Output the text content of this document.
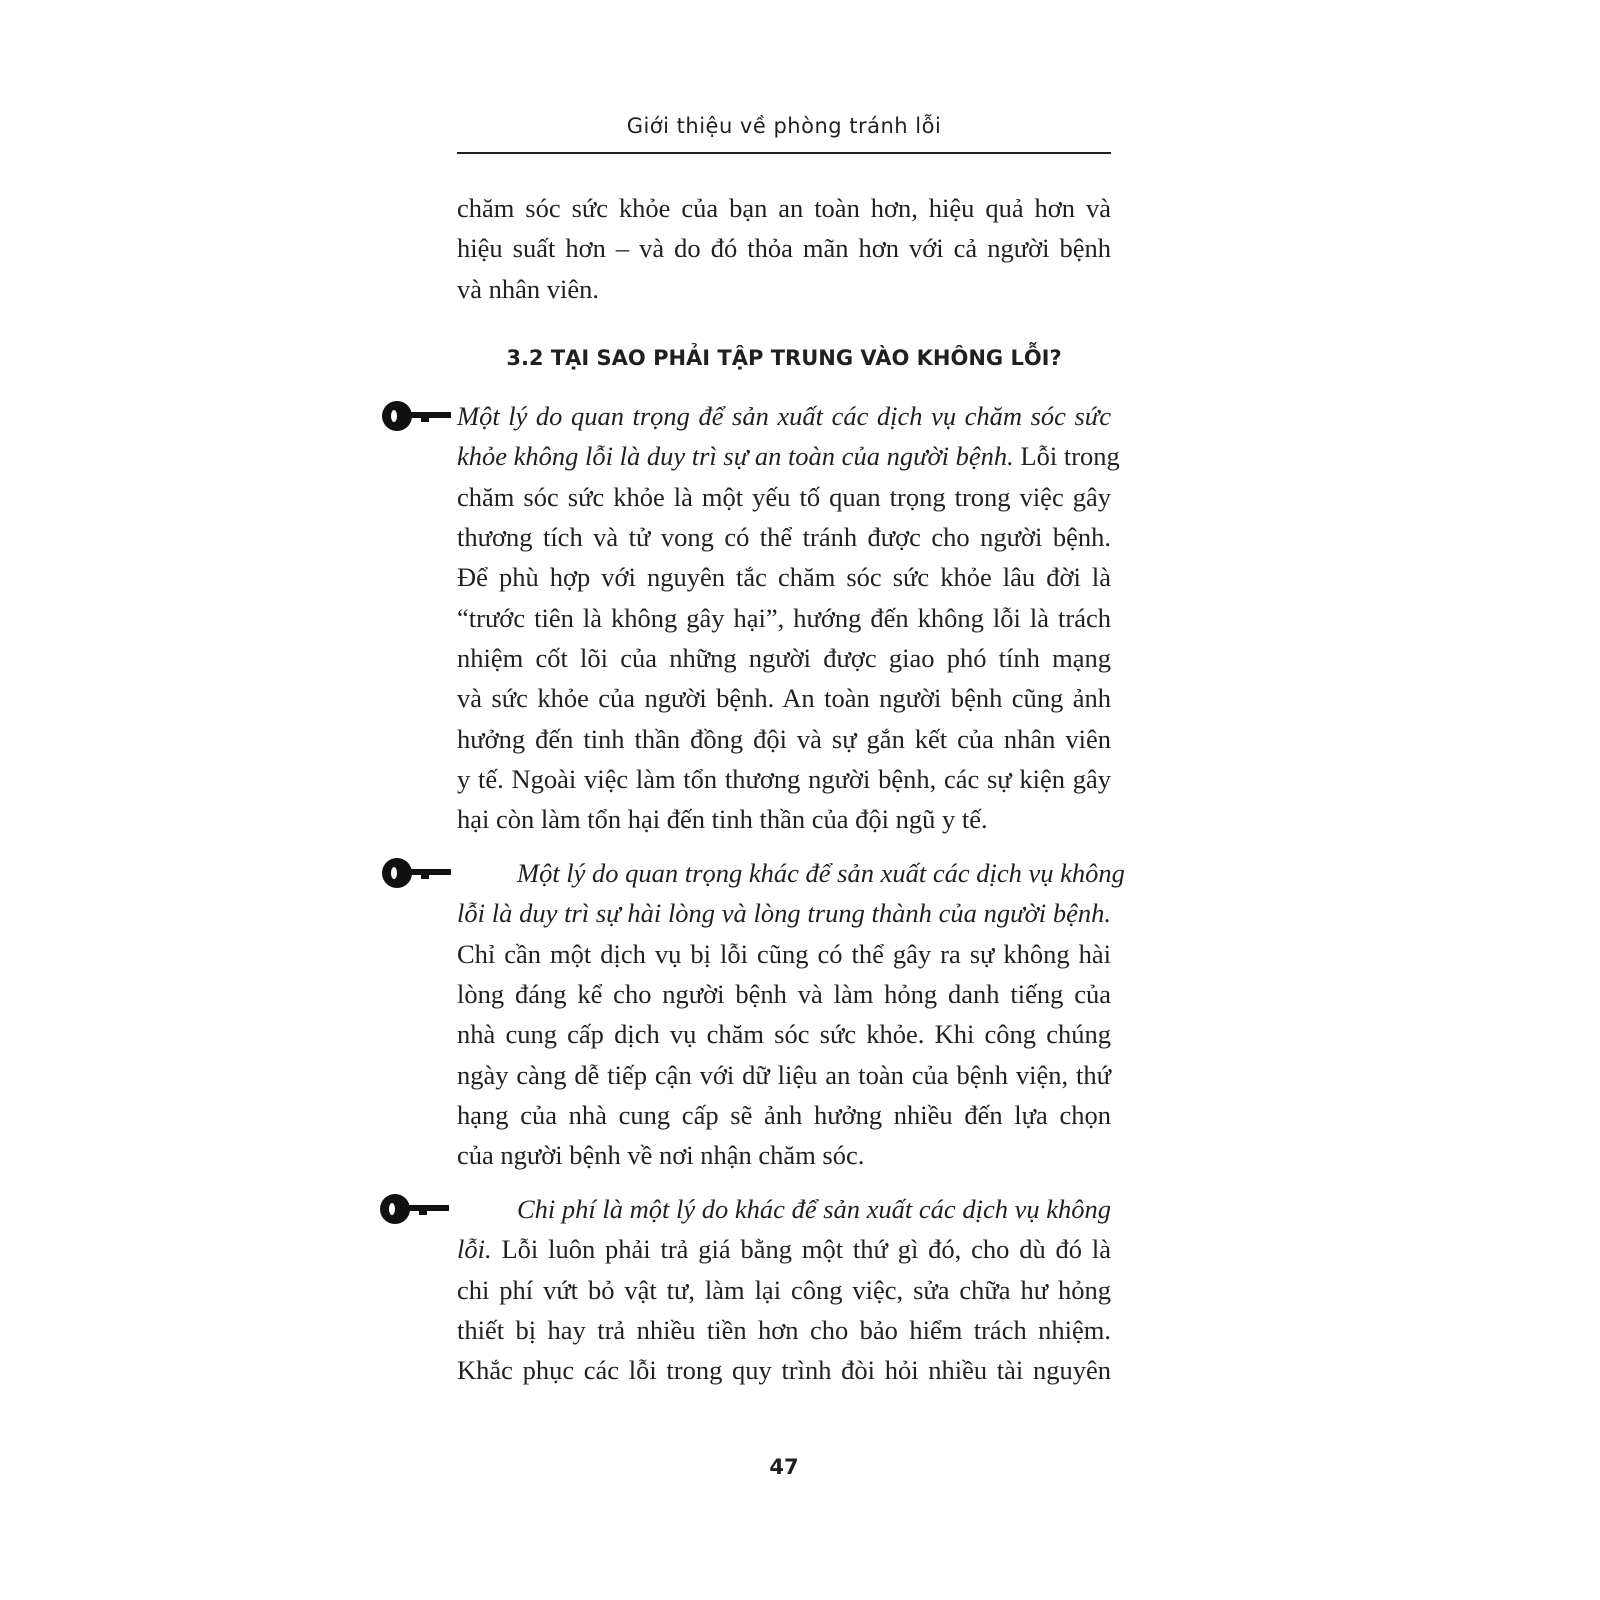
Giới thiệu về phòng tránh lỗi
chăm sóc sức khỏe của bạn an toàn hơn, hiệu quả hơn và
hiệu suất hơn – và do đó thỏa mãn hơn với cả người bệnh
và nhân viên.
3.2 TẠI SAO PHẢI TẬP TRUNG VÀO KHÔNG LỖI?
Một lý do quan trọng để sản xuất các dịch vụ chăm sóc sức
khỏe không lỗi là duy trì sự an toàn của người bệnh. Lỗi trong
chăm sóc sức khỏe là một yếu tố quan trọng trong việc gây
thương tích và tử vong có thể tránh được cho người bệnh.
Để phù hợp với nguyên tắc chăm sóc sức khỏe lâu đời là
“trước tiên là không gây hại”, hướng đến không lỗi là trách
nhiệm cốt lõi của những người được giao phó tính mạng
và sức khỏe của người bệnh. An toàn người bệnh cũng ảnh
hưởng đến tinh thần đồng đội và sự gắn kết của nhân viên
y tế. Ngoài việc làm tổn thương người bệnh, các sự kiện gây
hại còn làm tổn hại đến tinh thần của đội ngũ y tế.
Một lý do quan trọng khác để sản xuất các dịch vụ không
lỗi là duy trì sự hài lòng và lòng trung thành của người bệnh.
Chỉ cần một dịch vụ bị lỗi cũng có thể gây ra sự không hài
lòng đáng kể cho người bệnh và làm hỏng danh tiếng của
nhà cung cấp dịch vụ chăm sóc sức khỏe. Khi công chúng
ngày càng dễ tiếp cận với dữ liệu an toàn của bệnh viện, thứ
hạng của nhà cung cấp sẽ ảnh hưởng nhiều đến lựa chọn
của người bệnh về nơi nhận chăm sóc.
Chi phí là một lý do khác để sản xuất các dịch vụ không
lỗi. Lỗi luôn phải trả giá bằng một thứ gì đó, cho dù đó là
chi phí vứt bỏ vật tư, làm lại công việc, sửa chữa hư hỏng
thiết bị hay trả nhiều tiền hơn cho bảo hiểm trách nhiệm.
Khắc phục các lỗi trong quy trình đòi hỏi nhiều tài nguyên
47
